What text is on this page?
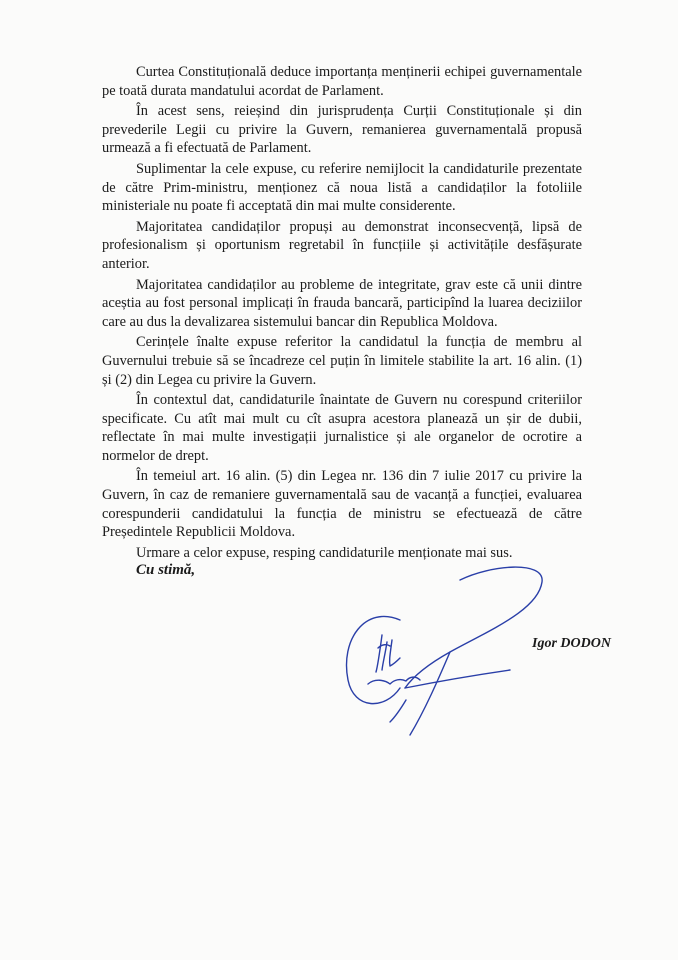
Curtea Constituțională deduce importanța menținerii echipei guvernamentale pe toată durata mandatului acordat de Parlament.

În acest sens, reieșind din jurisprudența Curții Constituționale și din prevederile Legii cu privire la Guvern, remanierea guvernamentală propusă urmează a fi efectuată de Parlament.

Suplimentar la cele expuse, cu referire nemijlocit la candidaturile prezentate de către Prim-ministru, menționez că noua listă a candidaților la fotoliile ministeriale nu poate fi acceptată din mai multe considerente.

Majoritatea candidaților propuși au demonstrat inconsecvență, lipsă de profesionalism și oportunism regretabil în funcțiile și activitățile desfășurate anterior.

Majoritatea candidaților au probleme de integritate, grav este că unii dintre aceștia au fost personal implicați în frauda bancară, participînd la luarea deciziilor care au dus la devalizarea sistemului bancar din Republica Moldova.

Cerințele înalte expuse referitor la candidatul la funcția de membru al Guvernului trebuie să se încadreze cel puțin în limitele stabilite la art. 16 alin. (1) și (2) din Legea cu privire la Guvern.

În contextul dat, candidaturile înaintate de Guvern nu corespund criteriilor specificate. Cu atît mai mult cu cît asupra acestora planează un șir de dubii, reflectate în mai multe investigații jurnalistice și ale organelor de ocrotire a normelor de drept.

În temeiul art. 16 alin. (5) din Legea nr. 136 din 7 iulie 2017 cu privire la Guvern, în caz de remaniere guvernamentală sau de vacanță a funcției, evaluarea corespunderii candidatului la funcția de ministru se efectuează de către Președintele Republicii Moldova.

Urmare a celor expuse, resping candidaturile menționate mai sus.

Cu stimă,
Igor DODON
